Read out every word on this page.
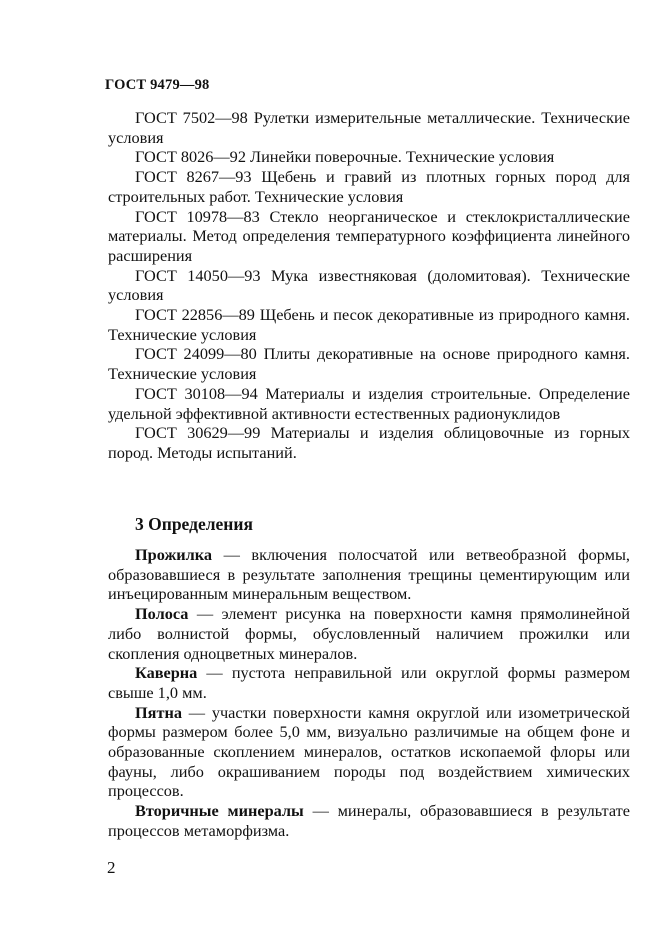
ГОСТ 9479—98

ГОСТ 7502—98 Рулетки измерительные металлические. Технические условия

ГОСТ 8026—92 Линейки поверочные. Технические условия

ГОСТ 8267—93 Щебень и гравий из плотных горных пород для строительных работ. Технические условия

ГОСТ 10978—83 Стекло неорганическое и стеклокристаллические материалы. Метод определения температурного коэффициента линейного расширения

ГОСТ 14050—93 Мука известняковая (доломитовая). Технические условия

ГОСТ 22856—89 Щебень и песок декоративные из природного камня. Технические условия

ГОСТ 24099—80 Плиты декоративные на основе природного камня. Технические условия

ГОСТ 30108—94 Материалы и изделия строительные. Определение удельной эффективной активности естественных радионуклидов

ГОСТ 30629—99 Материалы и изделия облицовочные из горных пород. Методы испытаний.

3 Определения

Прожилка — включения полосчатой или ветвеобразной формы, образовавшиеся в результате заполнения трещины цементирующим или инъецированным минеральным веществом.

Полоса — элемент рисунка на поверхности камня прямолинейной либо волнистой формы, обусловленный наличием прожилки или скопления одноцветных минералов.

Каверна — пустота неправильной или округлой формы размером свыше 1,0 мм.

Пятна — участки поверхности камня округлой или изометрической формы размером более 5,0 мм, визуально различимые на общем фоне и образованные скоплением минералов, остатков ископаемой флоры или фауны, либо окрашиванием породы под воздействием химических процессов.

Вторичные минералы — минералы, образовавшиеся в результате процессов метаморфизма.

2
